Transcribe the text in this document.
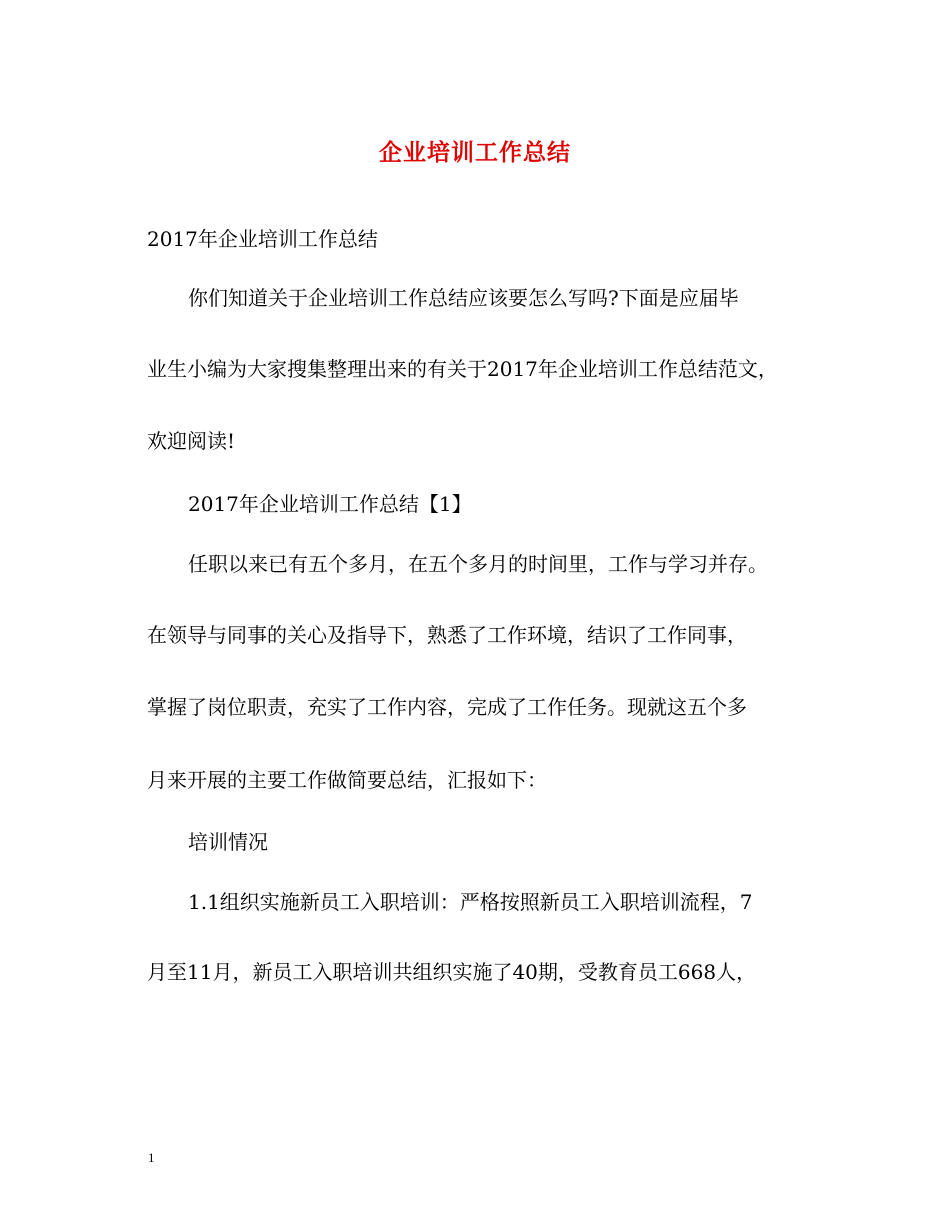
企业培训工作总结
2017年企业培训工作总结
你们知道关于企业培训工作总结应该要怎么写吗?下面是应届毕
业生小编为大家搜集整理出来的有关于2017年企业培训工作总结范文，
欢迎阅读!
2017年企业培训工作总结【1】
任职以来已有五个多月，在五个多月的时间里，工作与学习并存。
在领导与同事的关心及指导下，熟悉了工作环境，结识了工作同事，
掌握了岗位职责，充实了工作内容，完成了工作任务。现就这五个多
月来开展的主要工作做简要总结，汇报如下：
培训情况
1.1组织实施新员工入职培训：严格按照新员工入职培训流程，7
月至11月，新员工入职培训共组织实施了40期，受教育员工668人，
1
